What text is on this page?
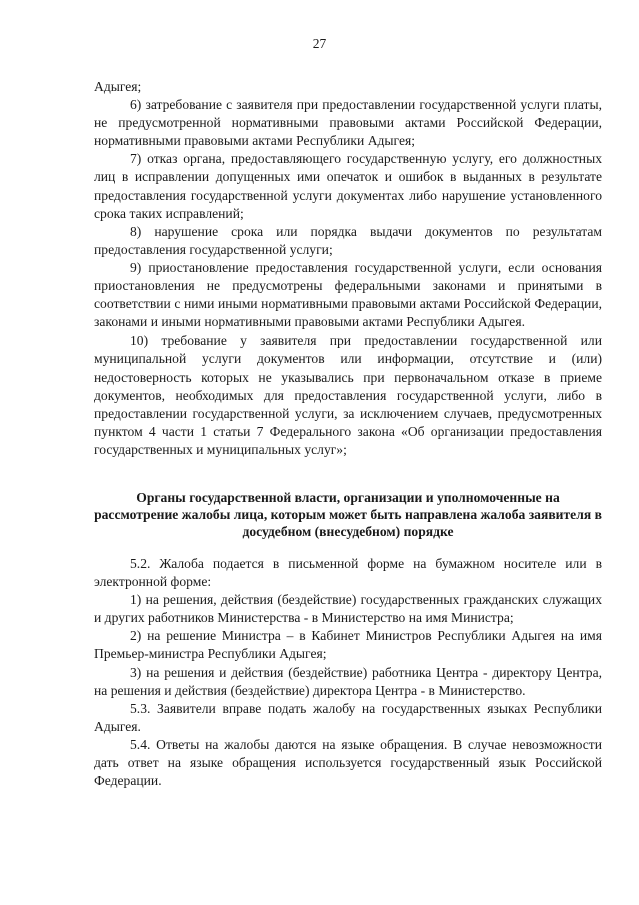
27

Адыгея;

6) затребование с заявителя при предоставлении государственной услуги платы, не предусмотренной нормативными правовыми актами Российской Федерации, нормативными правовыми актами Республики Адыгея;

7) отказ органа, предоставляющего государственную услугу, его должностных лиц в исправлении допущенных ими опечаток и ошибок в выданных в результате предоставления государственной услуги документах либо нарушение установленного срока таких исправлений;

8) нарушение срока или порядка выдачи документов по результатам предоставления государственной услуги;

9) приостановление предоставления государственной услуги, если основания приостановления не предусмотрены федеральными законами и принятыми в соответствии с ними иными нормативными правовыми актами Российской Федерации, законами и иными нормативными правовыми актами Республики Адыгея.

10) требование у заявителя при предоставлении государственной или муниципальной услуги документов или информации, отсутствие и (или) недостоверность которых не указывались при первоначальном отказе в приеме документов, необходимых для предоставления государственной услуги, либо в предоставлении государственной услуги, за исключением случаев, предусмотренных пунктом 4 части 1 статьи 7 Федерального закона «Об организации предоставления государственных и муниципальных услуг»;

Органы государственной власти, организации и уполномоченные на рассмотрение жалобы лица, которым может быть направлена жалоба заявителя в досудебном (внесудебном) порядке

5.2. Жалоба подается в письменной форме на бумажном носителе или в электронной форме:

1) на решения, действия (бездействие) государственных гражданских служащих и других работников Министерства - в Министерство на имя Министра;

2) на решение Министра – в Кабинет Министров Республики Адыгея на имя Премьер-министра Республики Адыгея;

3) на решения и действия (бездействие) работника Центра - директору Центра, на решения и действия (бездействие) директора Центра - в Министерство.

5.3. Заявители вправе подать жалобу на государственных языках Республики Адыгея.

5.4. Ответы на жалобы даются на языке обращения. В случае невозможности дать ответ на языке обращения используется государственный язык Российской Федерации.
